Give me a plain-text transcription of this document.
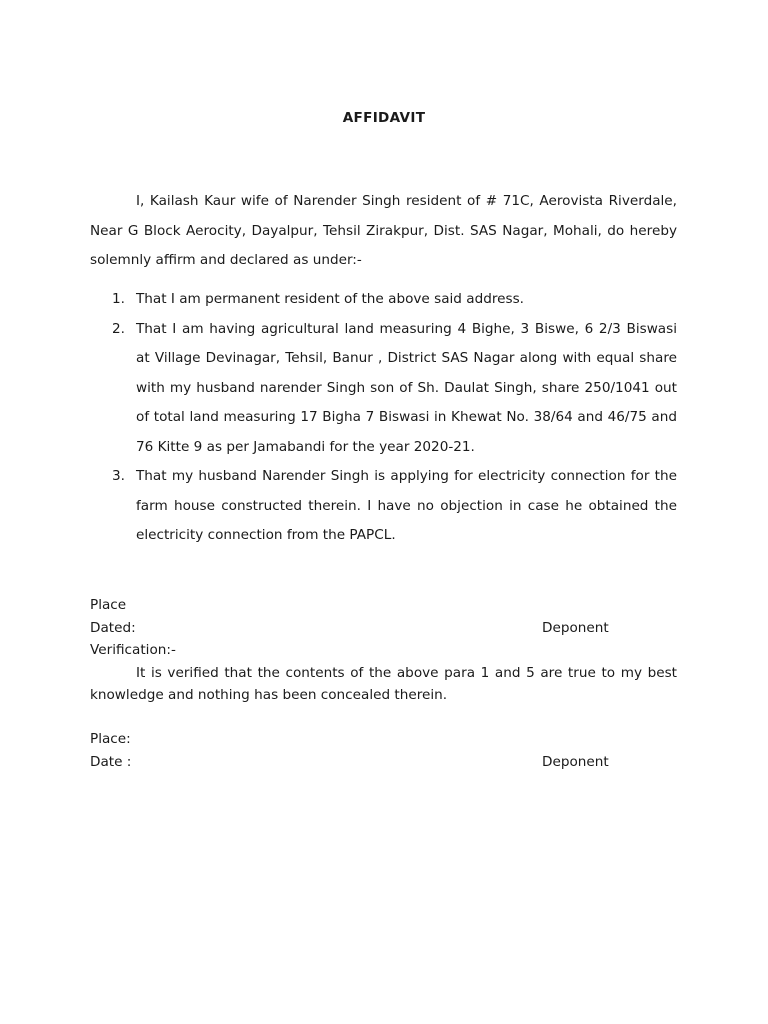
AFFIDAVIT
I, Kailash Kaur wife of Narender Singh resident of # 71C, Aerovista Riverdale, Near G Block Aerocity, Dayalpur, Tehsil Zirakpur, Dist. SAS Nagar, Mohali, do hereby solemnly affirm and declared as under:-
1. That I am permanent resident of the above said address.
2. That I am having agricultural land measuring 4 Bighe, 3 Biswe, 6 2/3 Biswasi at Village Devinagar, Tehsil, Banur , District SAS Nagar along with equal share with my husband narender Singh son of Sh. Daulat Singh, share 250/1041 out of total land measuring 17 Bigha 7 Biswasi in Khewat No. 38/64 and 46/75 and 76 Kitte 9 as per Jamabandi for the year 2020-21.
3. That my husband Narender Singh is applying for electricity connection for the farm house constructed therein. I have no objection in case he obtained the electricity connection from the PAPCL.
Place
Dated:	Deponent
Verification:-
It is verified that the contents of the above para 1 and 5 are true to my best knowledge and nothing has been concealed therein.
Place:
Date :	Deponent
